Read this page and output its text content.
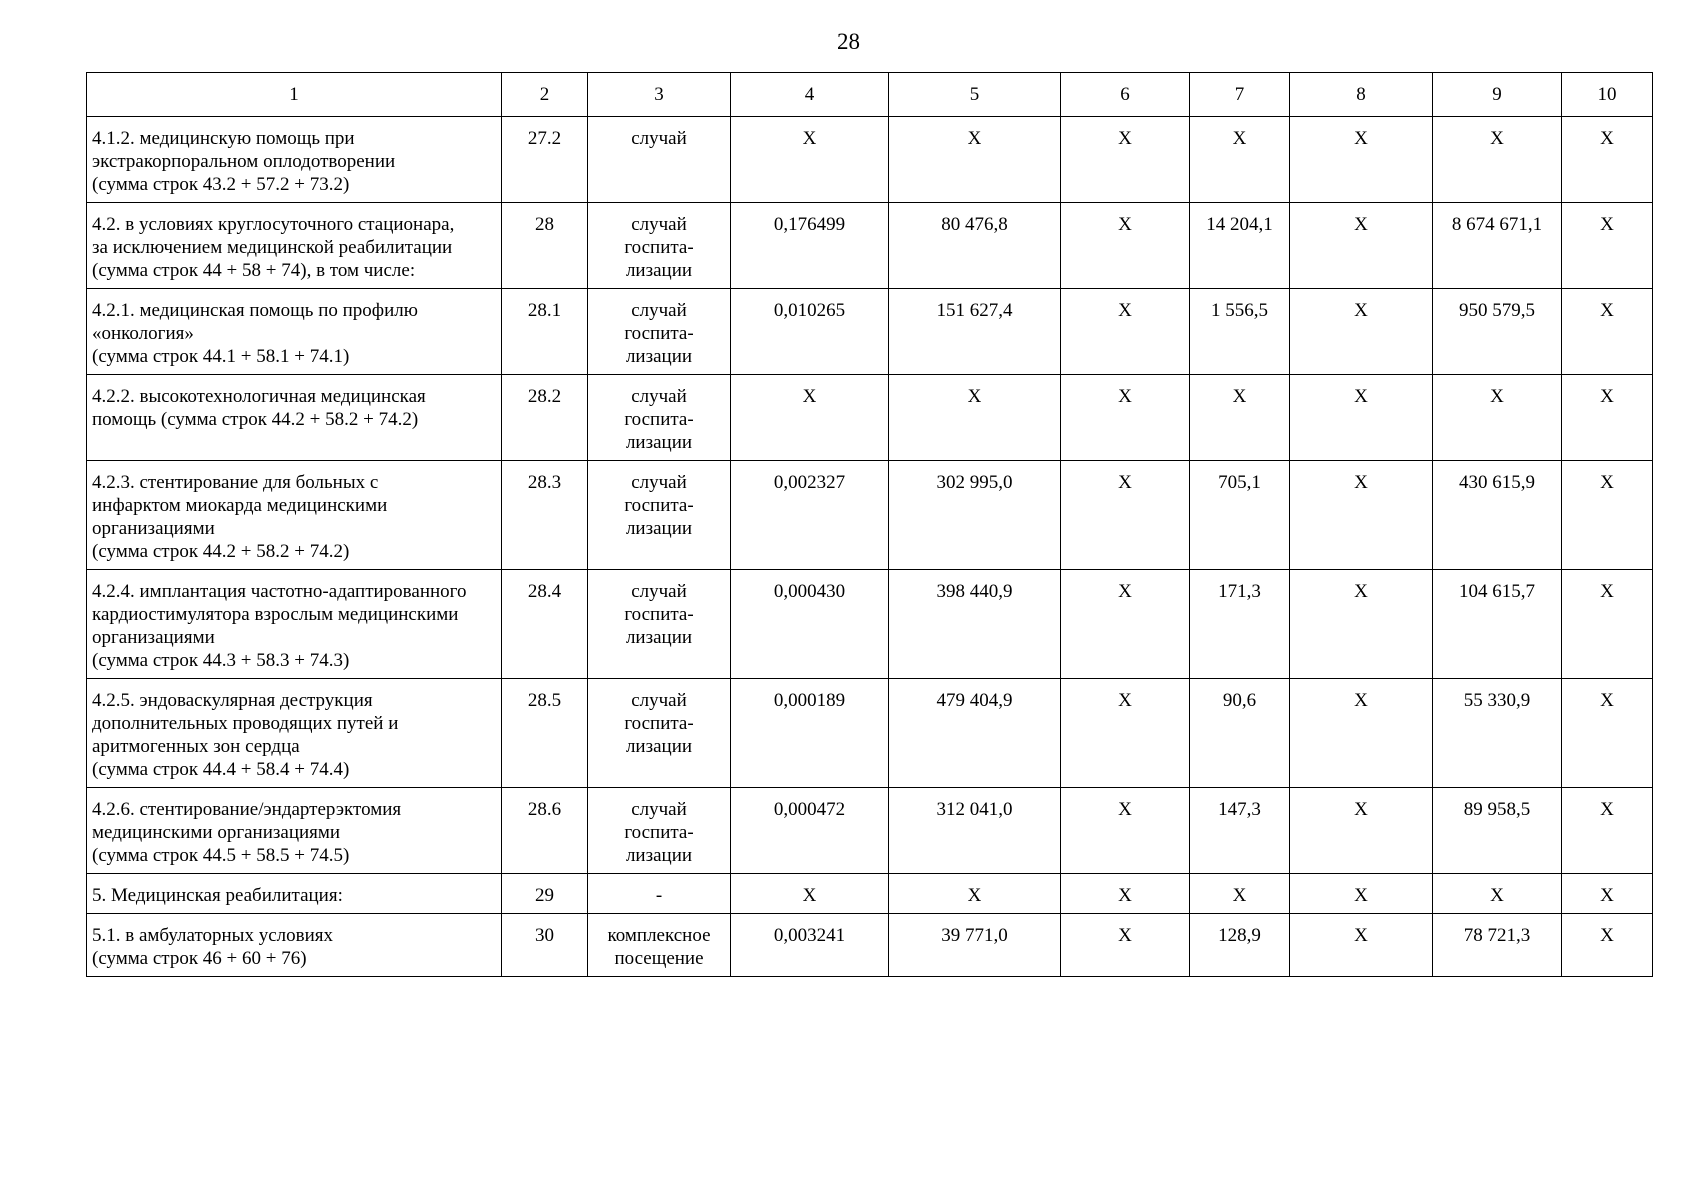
28
1	2	3	4	5	6	7	8	9	10

4.1.2. медицинскую помощь при
экстракорпоральном оплодотворении
(сумма строк 43.2 + 57.2 + 73.2)	27.2	случай	Х	Х	Х	Х	Х	Х	Х

4.2. в условиях круглосуточного стационара,
за исключением медицинской реабилитации
(сумма строк 44 + 58 + 74), в том числе:	28	случай
госпита-
лизации	0,176499	80 476,8	Х	14 204,1	Х	8 674 671,1	Х

4.2.1. медицинская помощь по профилю
«онкология»
(сумма строк 44.1 + 58.1 + 74.1)	28.1	случай
госпита-
лизации	0,010265	151 627,4	Х	1 556,5	Х	950 579,5	Х

4.2.2. высокотехнологичная медицинская
помощь (сумма строк 44.2 + 58.2 + 74.2)	28.2	случай
госпита-
лизации	Х	Х	Х	Х	Х	Х	Х

4.2.3. стентирование для больных с
инфарктом миокарда медицинскими
организациями
(сумма строк 44.2 + 58.2 + 74.2)	28.3	случай
госпита-
лизации	0,002327	302 995,0	Х	705,1	Х	430 615,9	Х

4.2.4. имплантация частотно-адаптированного
кардиостимулятора взрослым медицинскими
организациями
(сумма строк 44.3 + 58.3 + 74.3)	28.4	случай
госпита-
лизации	0,000430	398 440,9	Х	171,3	Х	104 615,7	Х

4.2.5. эндоваскулярная деструкция
дополнительных проводящих путей и
аритмогенных зон сердца
(сумма строк 44.4 + 58.4 + 74.4)	28.5	случай
госпита-
лизации	0,000189	479 404,9	Х	90,6	Х	55 330,9	Х

4.2.6. стентирование/эндартерэктомия
медицинскими организациями
(сумма строк 44.5 + 58.5 + 74.5)	28.6	случай
госпита-
лизации	0,000472	312 041,0	Х	147,3	Х	89 958,5	Х

5. Медицинская реабилитация:	29	-	Х	Х	Х	Х	Х	Х	Х

5.1. в амбулаторных условиях
(сумма строк 46 + 60 + 76)	30	комплексное
посещение	0,003241	39 771,0	Х	128,9	Х	78 721,3	Х
